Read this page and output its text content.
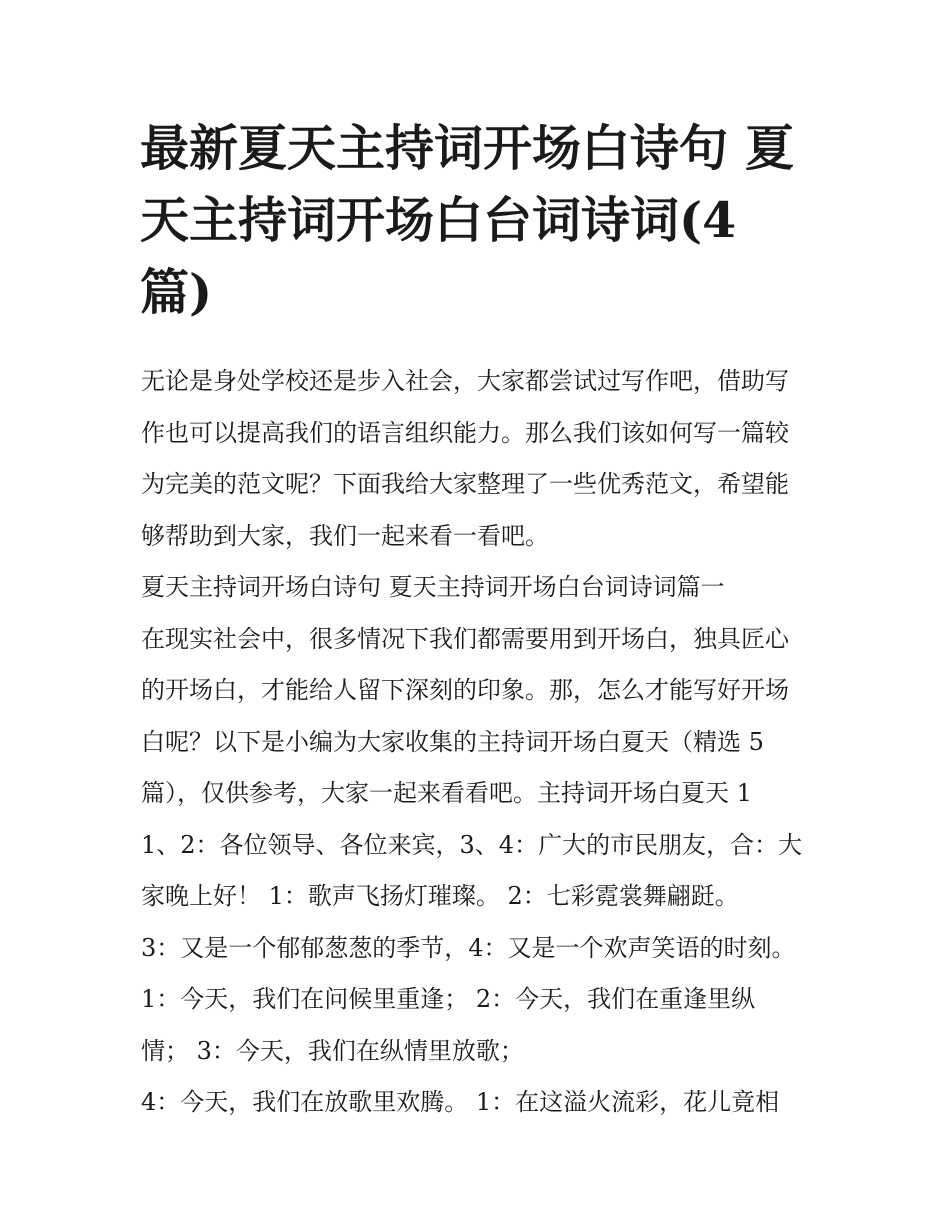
最新夏天主持词开场白诗句 夏
天主持词开场白台词诗词(4
篇)
无论是身处学校还是步入社会，大家都尝试过写作吧，借助写
作也可以提高我们的语言组织能力。那么我们该如何写一篇较
为完美的范文呢？下面我给大家整理了一些优秀范文，希望能
够帮助到大家，我们一起来看一看吧。
夏天主持词开场白诗句 夏天主持词开场白台词诗词篇一
在现实社会中，很多情况下我们都需要用到开场白，独具匠心
的开场白，才能给人留下深刻的印象。那，怎么才能写好开场
白呢？以下是小编为大家收集的主持词开场白夏天（精选 5
篇），仅供参考，大家一起来看看吧。主持词开场白夏天 1
1、2：各位领导、各位来宾，3、4：广大的市民朋友，合：大
家晚上好！ 1：歌声飞扬灯璀璨。 2：七彩霓裳舞翩跹。
3：又是一个郁郁葱葱的季节，4：又是一个欢声笑语的时刻。
1：今天，我们在问候里重逢； 2：今天，我们在重逢里纵
情； 3：今天，我们在纵情里放歌；
4：今天，我们在放歌里欢腾。 1：在这溢火流彩，花儿竟相
